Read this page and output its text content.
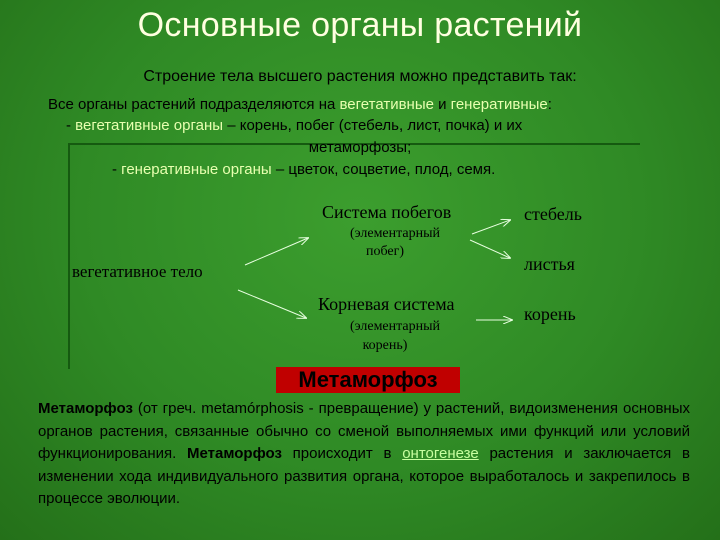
Основные органы растений
Строение тела высшего растения можно представить так:
Все органы растений подразделяются на вегетативные и генеративные:
- вегетативные органы – корень, побег (стебель, лист, почка) и их
метаморфозы;
- генеративные органы – цветок, соцветие, плод, семя.
Система побегов
(элементарный
побег)
вегетативное тело
Корневая система
(элементарный
корень)
стебель
листья
корень
Метаморфоз
Метаморфоз (от греч. metamórphosis - превращение) у растений, видоизменения основных органов растения, связанные обычно со сменой выполняемых ими функций или условий функционирования. Метаморфоз происходит в онтогенезе растения и заключается в изменении хода индивидуального развития органа, которое выработалось и закрепилось в процессе эволюции.
